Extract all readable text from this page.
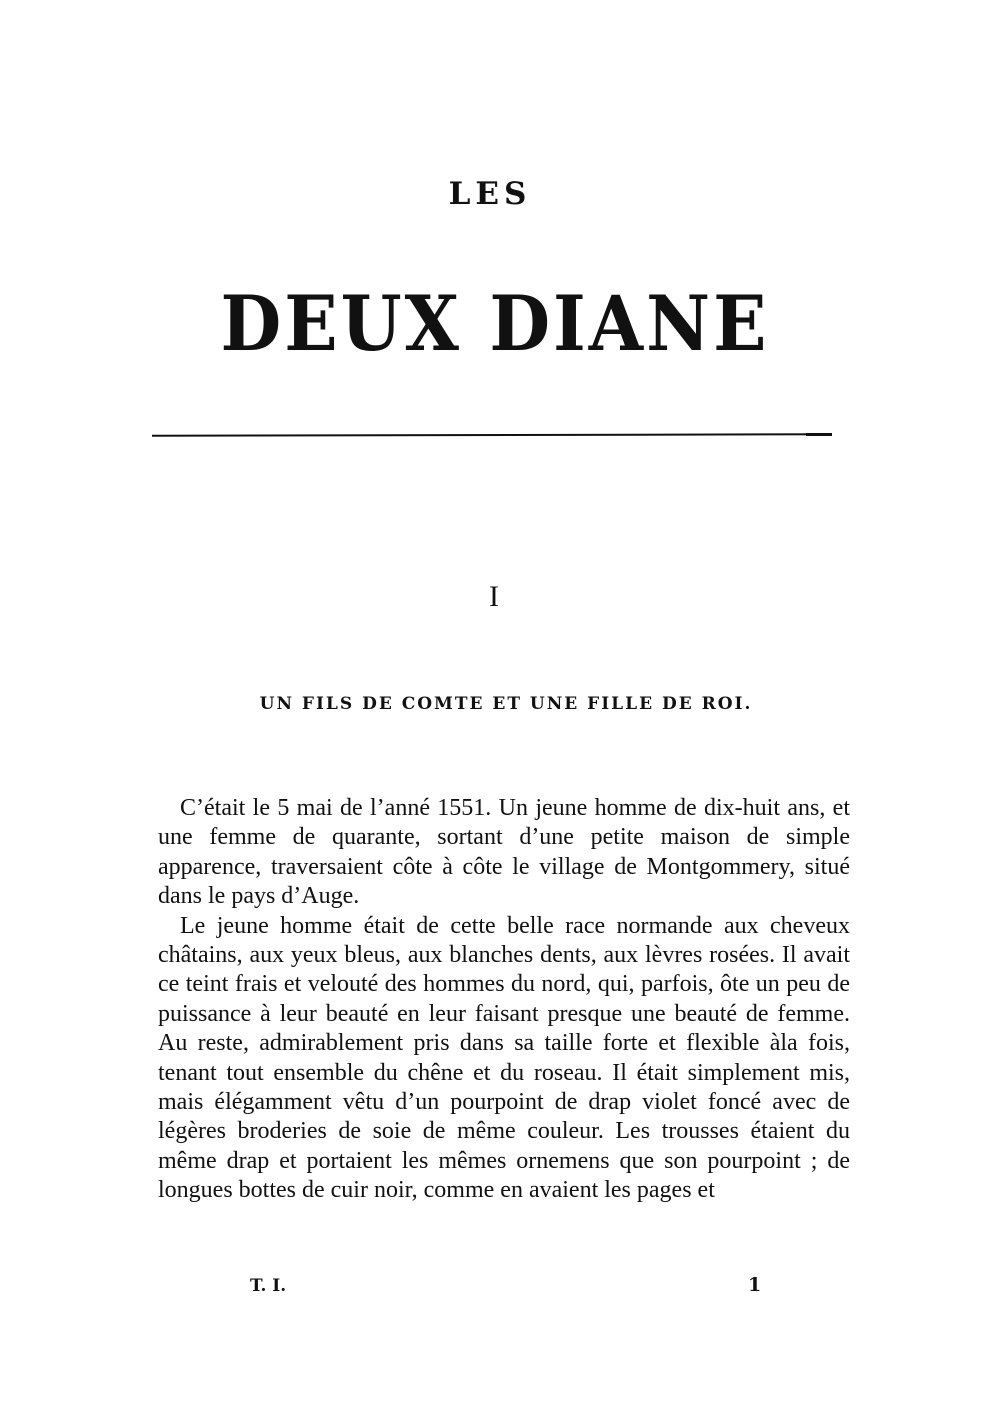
LES
DEUX DIANE
I
UN FILS DE COMTE ET UNE FILLE DE ROI.

C’était le 5 mai de l’anné 1551. Un jeune homme de dix-huit ans, et une femme de quarante, sortant d’une petite maison de simple apparence, traversaient côte à côte le village de Montgommery, situé dans le pays d’Auge.

Le jeune homme était de cette belle race normande aux cheveux châtains, aux yeux bleus, aux blanches dents, aux lèvres rosées. Il avait ce teint frais et velouté des hommes du nord, qui, parfois, ôte un peu de puissance à leur beauté en leur faisant presque une beauté de femme. Au reste, admirablement pris dans sa taille forte et flexible àla fois, tenant tout ensemble du chêne et du roseau. Il était simplement mis, mais élégamment vêtu d’un pourpoint de drap violet foncé avec de légères broderies de soie de même couleur. Les trousses étaient du même drap et portaient les mêmes ornemens que son pourpoint ; de longues bottes de cuir noir, comme en avaient les pages et

T. I.	1
